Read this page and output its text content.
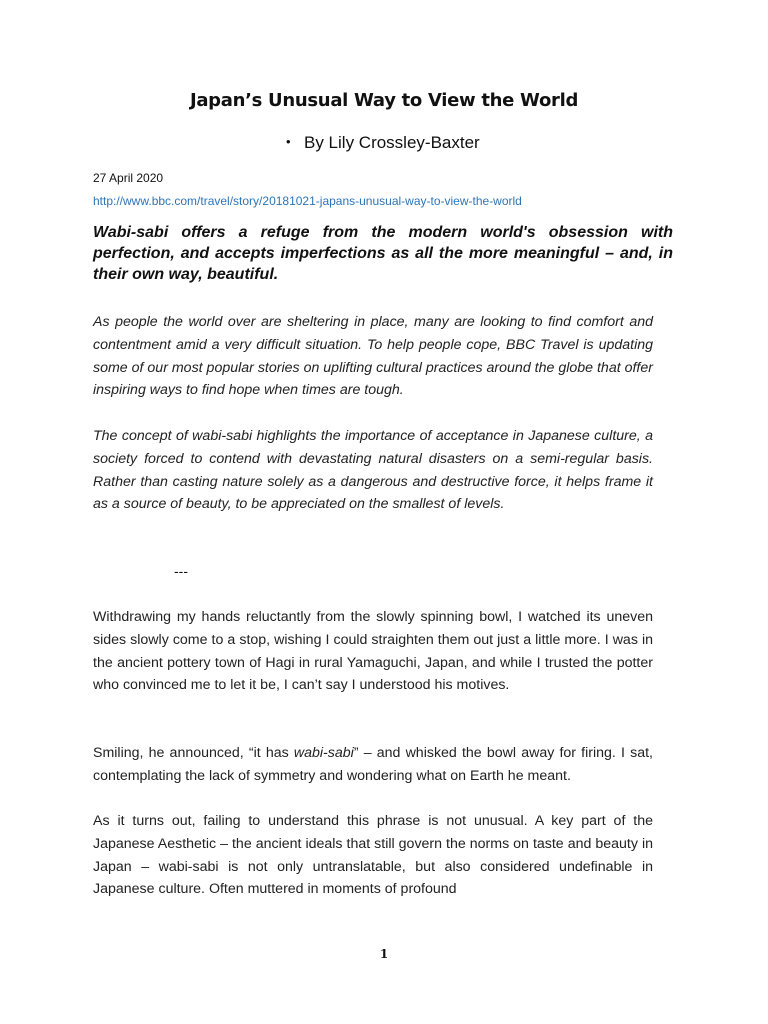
Japan’s Unusual Way to View the World
• By Lily Crossley-Baxter
27 April 2020
http://www.bbc.com/travel/story/20181021-japans-unusual-way-to-view-the-world
Wabi-sabi offers a refuge from the modern world's obsession with perfection, and accepts imperfections as all the more meaningful – and, in their own way, beautiful.
As people the world over are sheltering in place, many are looking to find comfort and contentment amid a very difficult situation. To help people cope, BBC Travel is updating some of our most popular stories on uplifting cultural practices around the globe that offer inspiring ways to find hope when times are tough.
The concept of wabi-sabi highlights the importance of acceptance in Japanese culture, a society forced to contend with devastating natural disasters on a semi-regular basis. Rather than casting nature solely as a dangerous and destructive force, it helps frame it as a source of beauty, to be appreciated on the smallest of levels.
---
Withdrawing my hands reluctantly from the slowly spinning bowl, I watched its uneven sides slowly come to a stop, wishing I could straighten them out just a little more. I was in the ancient pottery town of Hagi in rural Yamaguchi, Japan, and while I trusted the potter who convinced me to let it be, I can’t say I understood his motives.
Smiling, he announced, “it has wabi-sabi” – and whisked the bowl away for firing. I sat, contemplating the lack of symmetry and wondering what on Earth he meant.
As it turns out, failing to understand this phrase is not unusual. A key part of the Japanese Aesthetic – the ancient ideals that still govern the norms on taste and beauty in Japan – wabi-sabi is not only untranslatable, but also considered undefinable in Japanese culture. Often muttered in moments of profound
1
